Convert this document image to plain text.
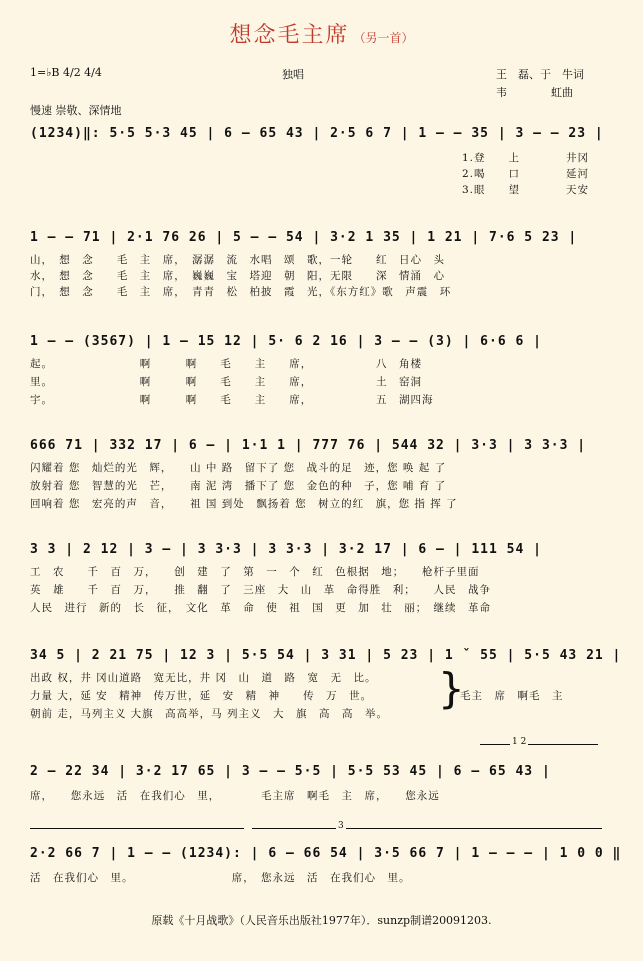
想念毛主席 （另一首）
1=♭B 4/2 4/4	独唱	王　磊、于　牛词
韦　　　　虹曲
慢速 崇敬、深情地
(1234)‖: 5·5 5·3 45 | 6 – 65 43 | 2·5 6 7 | 1 – – 35 | 3 – – 23 |
1.登　　上　　　　井冈
2.喝　　口　　　　延河
3.眼　　望　　　　天安
1 – – 71 | 2·1 76 26 | 5 – – 54 | 3·2 1 35 | 1 21 | 7·6 5 23 |
山，　想　念　　毛　主　席，　潺潺　流　水唱　颂　歌，一轮　　红　日心　头
水，　想　念　　毛　主　席，　巍巍　宝　塔迎　朝　阳，无限　　深　情涌　心
门，　想　念　　毛　主　席，　青青　松　柏披　霞　光，《东方红》歌　声震　环
1 – – (3567) | 1 – 15 12 | 5· 6 2 16 | 3 – – (3) | 6·6 6 |
起。　　　　　　　　啊　　　啊　　毛　　主　　席，　　　　　　八　角楼
里。　　　　　　　　啊　　　啊　　毛　　主　　席，　　　　　　土　窑洞
宇。　　　　　　　　啊　　　啊　　毛　　主　　席，　　　　　　五　湖四海
666 71 | 332 17 | 6 – | 1·1 1 | 777 76 | 544 32 | 3·3 | 3 3·3 |
闪耀着 您　灿烂的光　辉，　　山 中 路　留下了 您　战斗的足　迹，您 唤 起 了
放射着 您　智慧的光　芒，　　南 泥 湾　播下了 您　金色的种　子，您 哺 育 了
回响着 您　宏亮的声　音，　　祖 国 到处　飘扬着 您　树立的红　旗，您 指 挥 了
3 3 | 2 12 | 3 – | 3 3·3 | 3 3·3 | 3·2 17 | 6 – | 111 54 |
工　农　　千　百　万，　　创　建　了　第　一　个　红　色根据　地；　　枪杆子里面
英　雄　　千　百　万，　　推　翻　了　三座　大　山　革　命得胜　利；　　人民　战争
人民　进行　新的　长　征，　文化　革　命　使　祖　国　更　加　壮　丽；　继续　革命
34 5 | 2 21 75 | 12 3 | 5·5 54 | 3 31 | 5 23 | 1 ˇ 55 | 5·5 43 21 |
出政 权，井 冈山道路　宽无比，井 冈　山　道　路　宽　无　比。
力量 大，延 安　精神　传万世，延　安　精　神　　传　万　世。
朝前 走，马列主义 大旗　高高举，马 列主义　大　旗　高　高　举。
}
毛主　席　啊毛　主
1 2
2 – 22 34 | 3·2 17 65 | 3 – – 5·5 | 5·5 53 45 | 6 – 65 43 |
席，　　您永远　活　在我们心　里，　　　　毛主席　啊毛　主　席，　　您永远
3
2·2 66 7 | 1 – – (1234): | 6 – 66 54 | 3·5 66 7 | 1 – – – | 1 0 0 ‖
活　在我们心　里。　　　　　　　　　席，　您永远　活　在我们心　里。
原载《十月战歌》（人民音乐出版社1977年）．sunzp制谱20091203.
